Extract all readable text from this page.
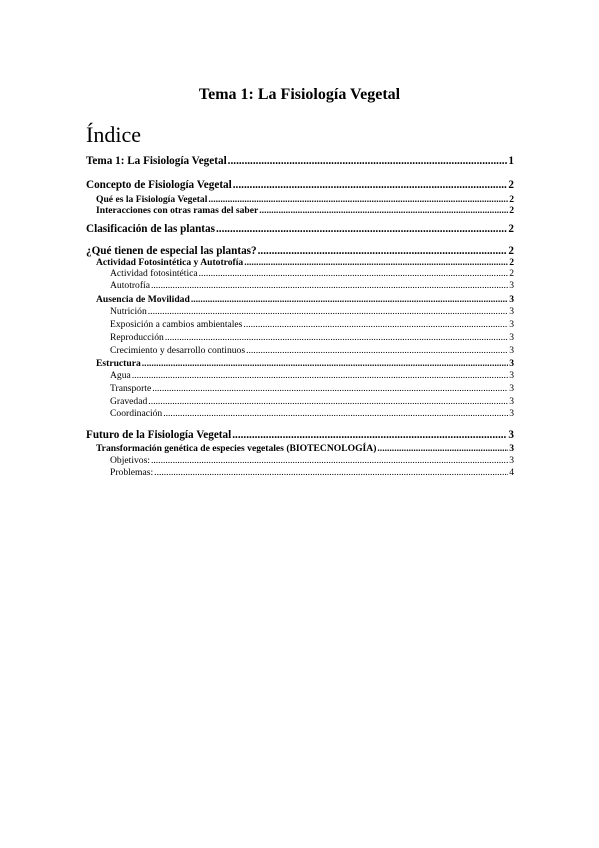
Tema 1: La Fisiología Vegetal
Índice
Tema 1: La Fisiología Vegetal .....	1
Concepto de Fisiología Vegetal .....	2
Qué es la Fisiología Vegetal .....	2
Interacciones con otras ramas del saber .....	2
Clasificación de las plantas .....	2
¿Qué tienen de especial las plantas? .....	2
Actividad Fotosintética y Autotrofía .....	2
Actividad fotosintética .....	2
Autotrofía .....	3
Ausencia de Movilidad .....	3
Nutrición .....	3
Exposición a cambios ambientales .....	3
Reproducción .....	3
Crecimiento y desarrollo continuos .....	3
Estructura .....	3
Agua .....	3
Transporte .....	3
Gravedad .....	3
Coordinación .....	3
Futuro de la Fisiología Vegetal .....	3
Transformación genética de especies vegetales (BIOTECNOLOGÍA) .....	3
Objetivos: .....	3
Problemas: .....	4
